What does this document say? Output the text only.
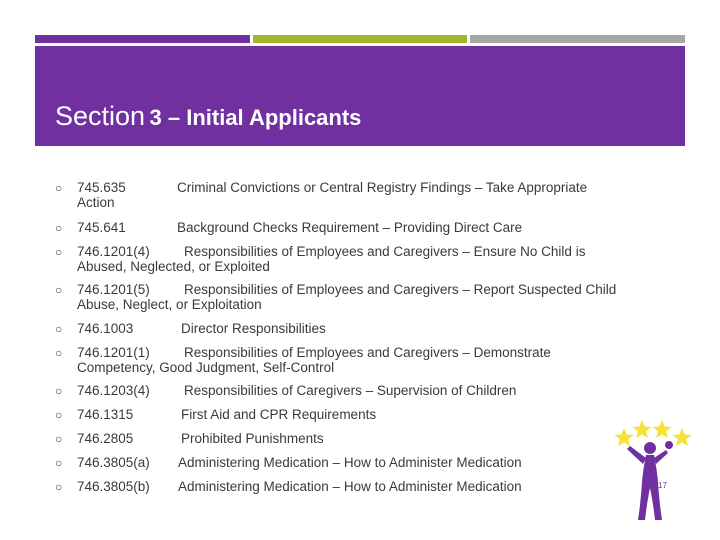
Section 3 – Initial Applicants
○ 745.635	Criminal Convictions or Central Registry Findings – Take Appropriate
Action
○ 745.641	Background Checks Requirement – Providing Direct Care
○ 746.1201(4)	Responsibilities of Employees and Caregivers – Ensure No Child is
Abused, Neglected, or Exploited
○ 746.1201(5)	Responsibilities of Employees and Caregivers – Report Suspected Child
Abuse, Neglect, or Exploitation
○ 746.1003	Director Responsibilities
○ 746.1201(1)	Responsibilities of Employees and Caregivers – Demonstrate
Competency, Good Judgment, Self-Control
○ 746.1203(4)	Responsibilities of Caregivers – Supervision of Children
○ 746.1315	First Aid and CPR Requirements
○ 746.2805	Prohibited Punishments
○ 746.3805(a) Administering Medication – How to Administer Medication
○ 746.3805(b) Administering Medication – How to Administer Medication	17
